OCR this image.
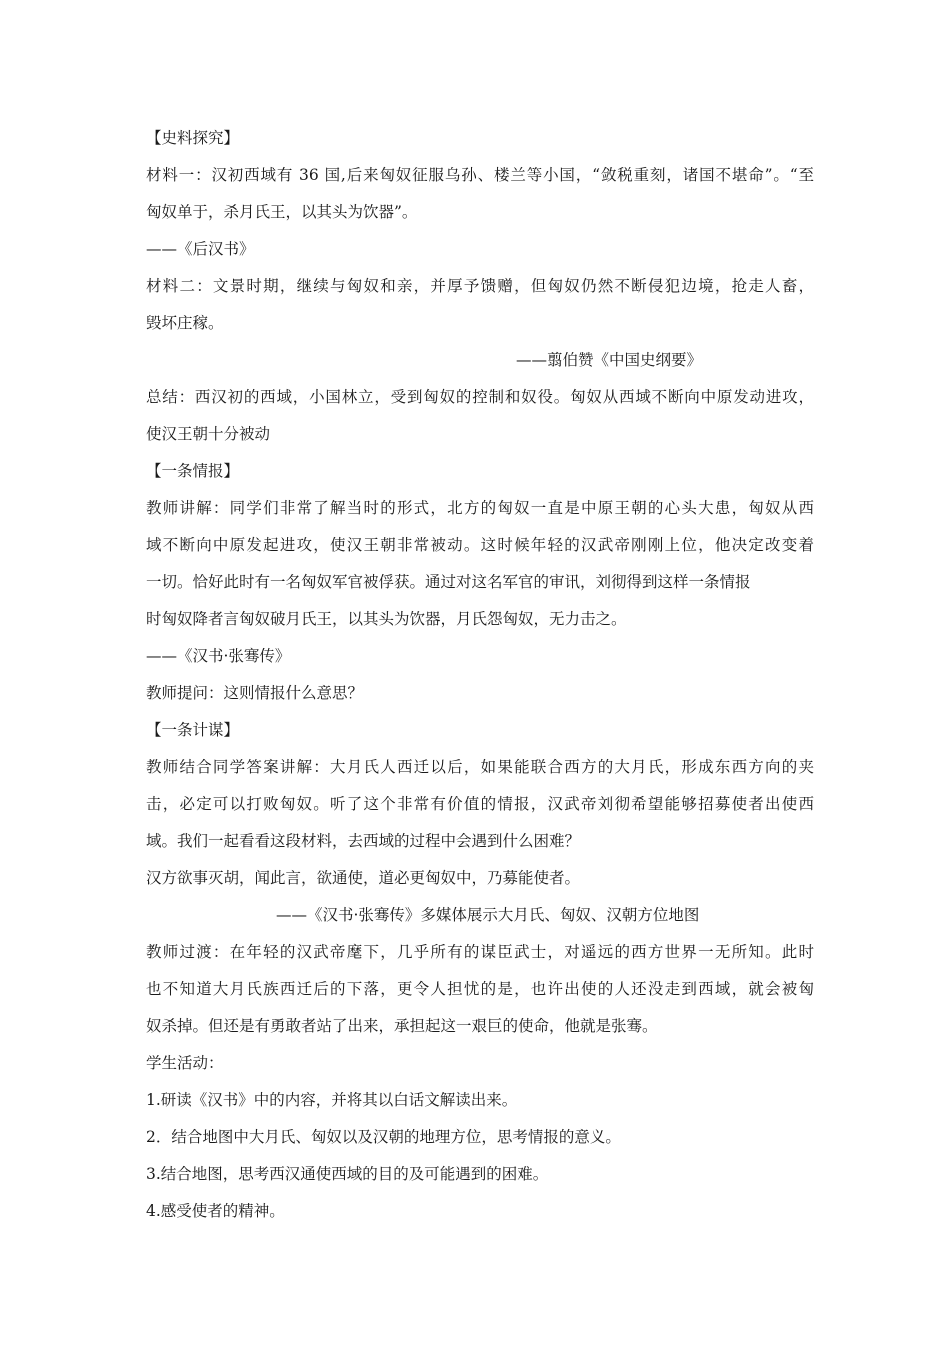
【史料探究】
材料一：汉初西域有 36 国,后来匈奴征服乌孙、楼兰等小国，“敛税重刻，诸国不堪命”。“至
匈奴单于，杀月氏王，以其头为饮器”。
——《后汉书》
材料二：文景时期，继续与匈奴和亲，并厚予馈赠，但匈奴仍然不断侵犯边境，抢走人畜，
毁坏庄稼。
——翦伯赞《中国史纲要》
总结：西汉初的西域，小国林立，受到匈奴的控制和奴役。匈奴从西域不断向中原发动进攻，
使汉王朝十分被动
【一条情报】
教师讲解：同学们非常了解当时的形式，北方的匈奴一直是中原王朝的心头大患，匈奴从西
域不断向中原发起进攻，使汉王朝非常被动。这时候年轻的汉武帝刚刚上位，他决定改变着
一切。恰好此时有一名匈奴军官被俘获。通过对这名军官的审讯，刘彻得到这样一条情报
时匈奴降者言匈奴破月氏王，以其头为饮器，月氏怨匈奴，无力击之。
——《汉书·张骞传》
教师提问：这则情报什么意思？
【一条计谋】
教师结合同学答案讲解：大月氏人西迁以后，如果能联合西方的大月氏，形成东西方向的夹
击，必定可以打败匈奴。听了这个非常有价值的情报，汉武帝刘彻希望能够招募使者出使西
域。我们一起看看这段材料，去西域的过程中会遇到什么困难？
汉方欲事灭胡，闻此言，欲通使，道必更匈奴中，乃募能使者。
——《汉书·张骞传》多媒体展示大月氏、匈奴、汉朝方位地图
教师过渡：在年轻的汉武帝麾下，几乎所有的谋臣武士，对遥远的西方世界一无所知。此时
也不知道大月氏族西迁后的下落，更令人担忧的是，也许出使的人还没走到西域，就会被匈
奴杀掉。但还是有勇敢者站了出来，承担起这一艰巨的使命，他就是张骞。
学生活动：
1.研读《汉书》中的内容，并将其以白话文解读出来。
2．结合地图中大月氏、匈奴以及汉朝的地理方位，思考情报的意义。
3.结合地图，思考西汉通使西域的目的及可能遇到的困难。
4.感受使者的精神。
